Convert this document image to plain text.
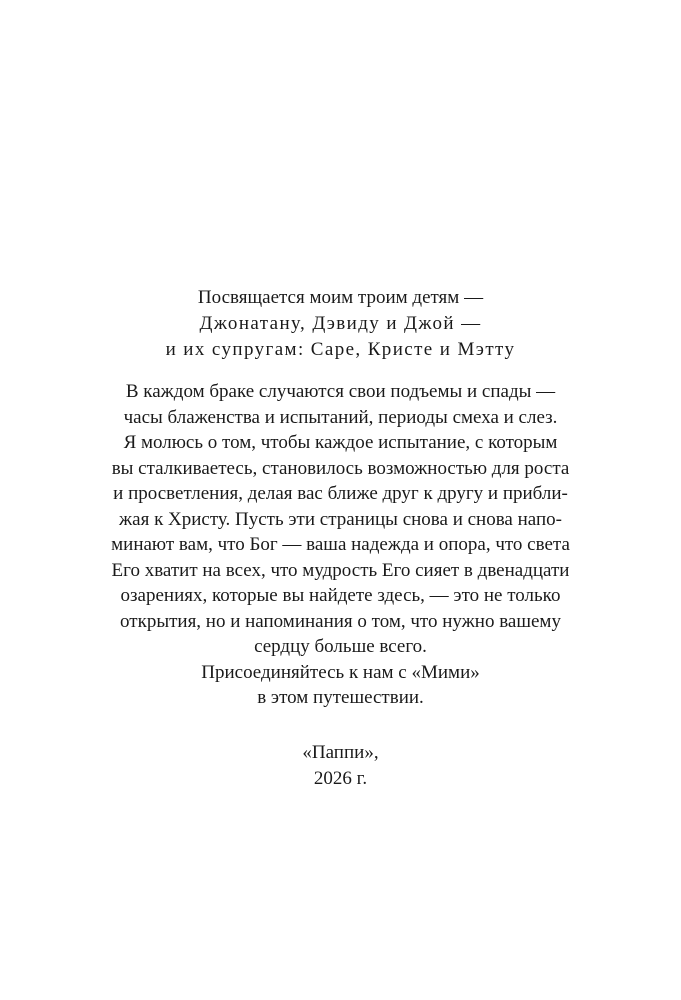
Посвящается моим троим детям —
Джонатану, Дэвиду и Джой —
и их супругам: Саре, Кристе и Мэтту
В каждом браке случаются свои подъемы и спады —
часы блаженства и испытаний, периоды смеха и слез.
Я молюсь о том, чтобы каждое испытание, с которым
вы сталкиваетесь, становилось возможностью для роста
и просветления, делая вас ближе друг к другу и прибли-
жая к Христу. Пусть эти страницы снова и снова напо-
минают вам, что Бог — ваша надежда и опора, что света
Его хватит на всех, что мудрость Его сияет в двенадцати
озарениях, которые вы найдете здесь, — это не только
открытия, но и напоминания о том, что нужно вашему
сердцу больше всего.
Присоединяйтесь к нам с «Мими»
в этом путешествии.
«Паппи»,
2026 г.
